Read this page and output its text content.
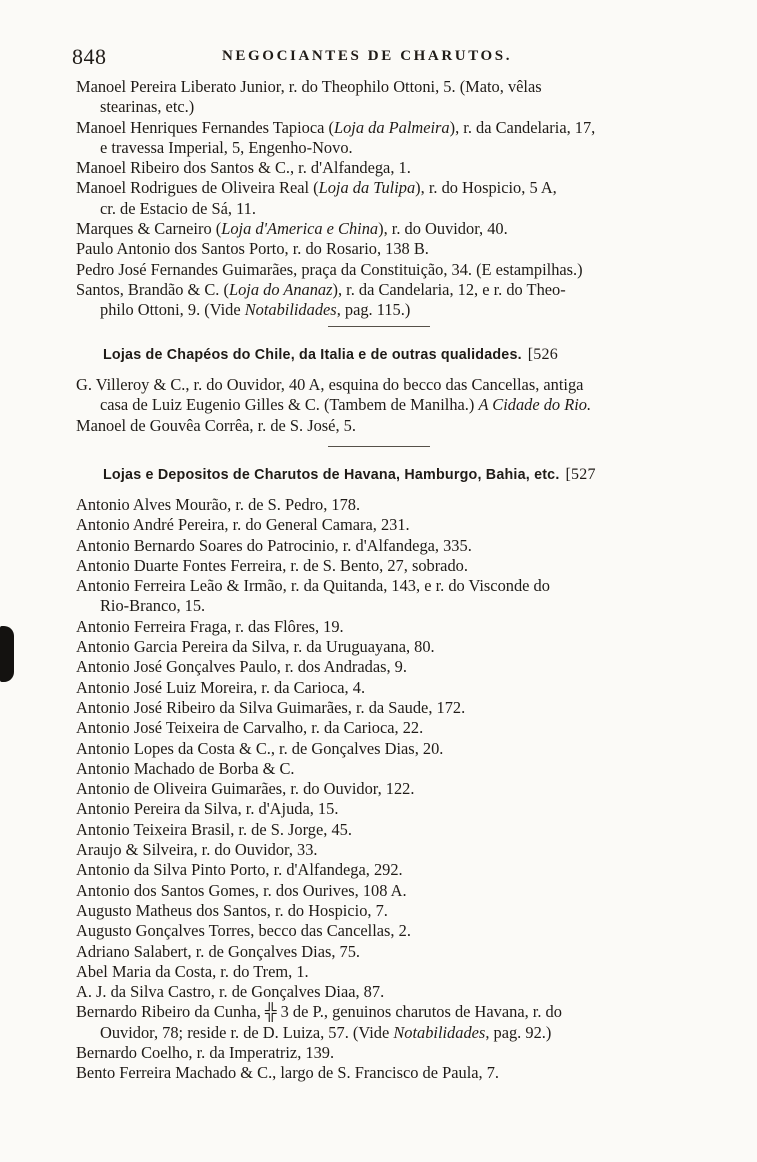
848	NEGOCIANTES DE CHARUTOS.
Manoel Pereira Liberato Junior, r. do Theophilo Ottoni, 5. (Mato, vêlas
stearinas, etc.)
Manoel Henriques Fernandes Tapioca (Loja da Palmeira), r. da Candelaria, 17,
e travessa Imperial, 5, Engenho-Novo.
Manoel Ribeiro dos Santos & C., r. d'Alfandega, 1.
Manoel Rodrigues de Oliveira Real (Loja da Tulipa), r. do Hospicio, 5 A,
cr. de Estacio de Sá, 11.
Marques & Carneiro (Loja d'America e China), r. do Ouvidor, 40.
Paulo Antonio dos Santos Porto, r. do Rosario, 138 B.
Pedro José Fernandes Guimarães, praça da Constituição, 34. (E estampilhas.)
Santos, Brandão & C. (Loja do Ananaz), r. da Candelaria, 12, e r. do Theo-
philo Ottoni, 9. (Vide Notabilidades, pag. 115.)
Lojas de Chapéos do Chile, da Italia e de outras qualidades. [526
G. Villeroy & C., r. do Ouvidor, 40 A, esquina do becco das Cancellas, antiga
casa de Luiz Eugenio Gilles & C. (Tambem de Manilha.) A Cidade do Rio.
Manoel de Gouvêa Corrêa, r. de S. José, 5.
Lojas e Depositos de Charutos de Havana, Hamburgo, Bahia, etc. [527
Antonio Alves Mourão, r. de S. Pedro, 178.
Antonio André Pereira, r. do General Camara, 231.
Antonio Bernardo Soares do Patrocinio, r. d'Alfandega, 335.
Antonio Duarte Fontes Ferreira, r. de S. Bento, 27, sobrado.
Antonio Ferreira Leão & Irmão, r. da Quitanda, 143, e r. do Visconde do
Rio-Branco, 15.
Antonio Ferreira Fraga, r. das Flôres, 19.
Antonio Garcia Pereira da Silva, r. da Uruguayana, 80.
Antonio José Gonçalves Paulo, r. dos Andradas, 9.
Antonio José Luiz Moreira, r. da Carioca, 4.
Antonio José Ribeiro da Silva Guimarães, r. da Saude, 172.
Antonio José Teixeira de Carvalho, r. da Carioca, 22.
Antonio Lopes da Costa & C., r. de Gonçalves Dias, 20.
Antonio Machado de Borba & C.
Antonio de Oliveira Guimarães, r. do Ouvidor, 122.
Antonio Pereira da Silva, r. d'Ajuda, 15.
Antonio Teixeira Brasil, r. de S. Jorge, 45.
Araujo & Silveira, r. do Ouvidor, 33.
Antonio da Silva Pinto Porto, r. d'Alfandega, 292.
Antonio dos Santos Gomes, r. dos Ourives, 108 A.
Augusto Matheus dos Santos, r. do Hospicio, 7.
Augusto Gonçalves Torres, becco das Cancellas, 2.
Adriano Salabert, r. de Gonçalves Dias, 75.
Abel Maria da Costa, r. do Trem, 1.
A. J. da Silva Castro, r. de Gonçalves Diaa, 87.
Bernardo Ribeiro da Cunha, ╬ 3 de P., genuinos charutos de Havana, r. do
Ouvidor, 78; reside r. de D. Luiza, 57. (Vide Notabilidades, pag. 92.)
Bernardo Coelho, r. da Imperatriz, 139.
Bento Ferreira Machado & C., largo de S. Francisco de Paula, 7.
